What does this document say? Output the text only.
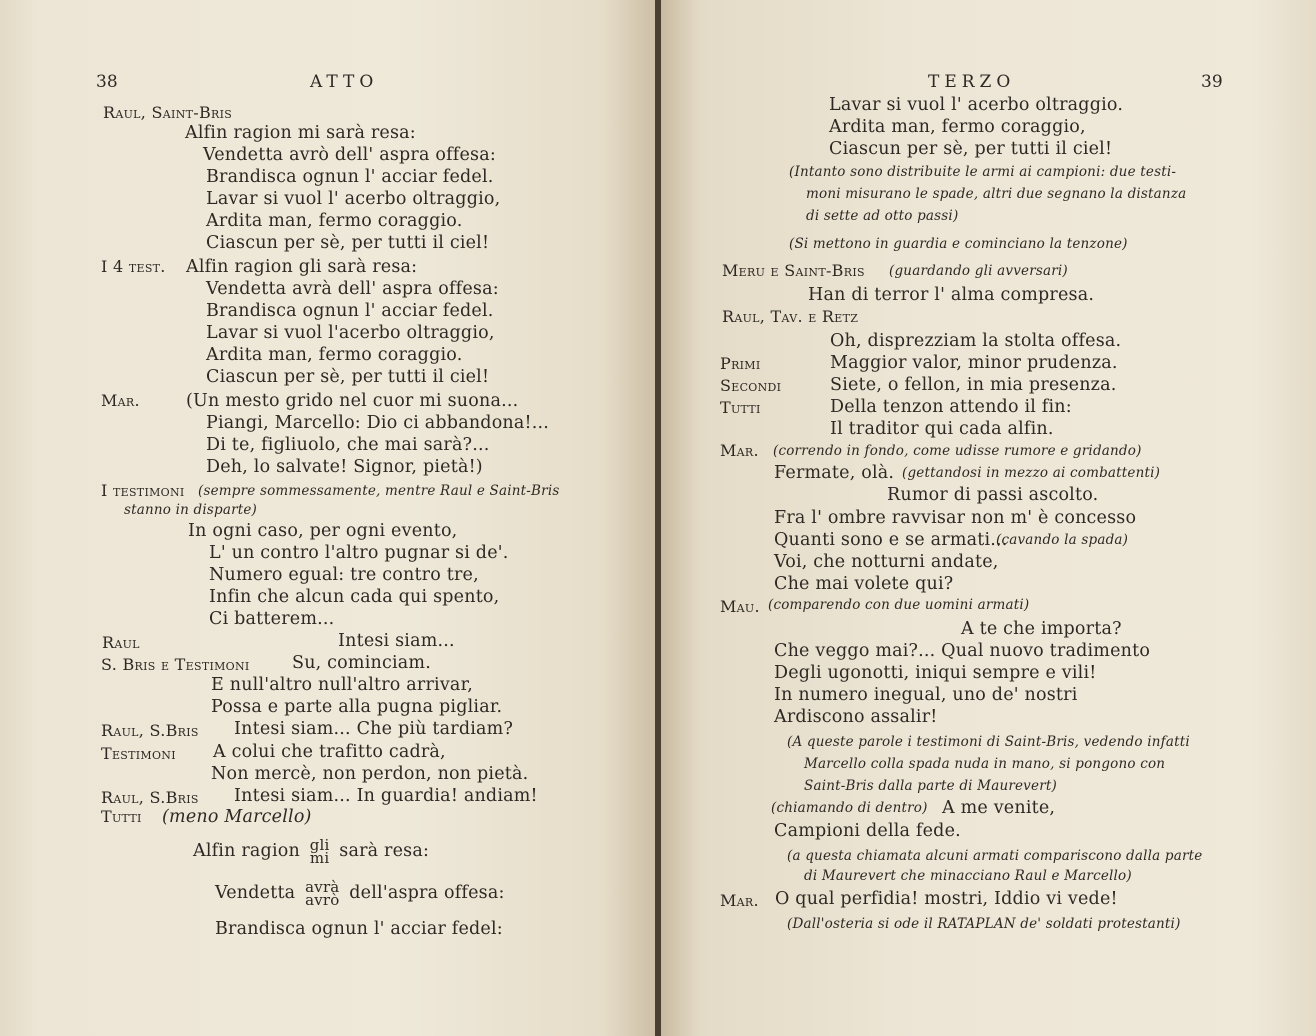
38	ATTO
Raul, Saint-Bris
Alfin ragion mi sarà resa:
Vendetta avrò dell' aspra offesa:
Brandisca ognun l' acciar fedel.
Lavar si vuol l' acerbo oltraggio,
Ardita man, fermo coraggio.
Ciascun per sè, per tutti il ciel!
I 4 test. Alfin ragion gli sarà resa:
Vendetta avrà dell' aspra offesa:
Brandisca ognun l' acciar fedel.
Lavar si vuol l'acerbo oltraggio,
Ardita man, fermo coraggio.
Ciascun per sè, per tutti il ciel!
Mar.	(Un mesto grido nel cuor mi suona...
Piangi, Marcello: Dio ci abbandona!...
Di te, figliuolo, che mai sarà?...
Deh, lo salvate! Signor, pietà!)
I testimoni (sempre sommessamente, mentre Raul e Saint-Bris
stanno in disparte)
In ogni caso, per ogni evento,
L' un contro l'altro pugnar si de'.
Numero egual: tre contro tre,
Infin che alcun cada qui spento,
Ci batterem...
Raul	Intesi siam...
S. Bris e Testimoni Su, cominciam.
E null'altro null'altro arrivar,
Possa e parte alla pugna pigliar.
Raul, S.Bris Intesi siam... Che più tardiam?
Testimoni A colui che trafitto cadrà,
Non mercè, non perdon, non pietà.
Raul, S.Bris Intesi siam... In guardia! andiam!
Tutti (meno Marcello)
Alfin ragion gli
mi sarà resa:
Vendetta avrà
avrò dell'aspra offesa:
Brandisca ognun l' acciar fedel:
TERZO	39
Lavar si vuol l' acerbo oltraggio.
Ardita man, fermo coraggio,
Ciascun per sè, per tutti il ciel!
(Intanto sono distribuite le armi ai campioni: due testi-
moni misurano le spade, altri due segnano la distanza
di sette ad otto passi)
(Si mettono in guardia e cominciano la tenzone)
Meru e Saint-Bris (guardando gli avversari)
Han di terror l' alma compresa.
Raul, Tav. e Retz
Oh, disprezziam la stolta offesa.
Primi	Maggior valor, minor prudenza.
Secondi	Siete, o fellon, in mia presenza.
Tutti	Della tenzon attendo il fin:
Il traditor qui cada alfin.
Mar. (correndo in fondo, come udisse rumore e gridando)
Fermate, olà. (gettandosi in mezzo ai combattenti)
Rumor di passi ascolto.
Fra l' ombre ravvisar non m' è concesso
Quanti sono e se armati...
(cavando la spada)
Voi, che notturni andate,
Che mai volete qui?
Mau. (comparendo con due uomini armati)
A te che importa?
Che veggo mai?... Qual nuovo tradimento
Degli ugonotti, iniqui sempre e vili!
In numero inegual, uno de' nostri
Ardiscono assalir!
(A queste parole i testimoni di Saint-Bris, vedendo infatti
Marcello colla spada nuda in mano, si pongono con
Saint-Bris dalla parte di Maurevert)
(chiamando di dentro) A me venite,
Campioni della fede.
(a questa chiamata alcuni armati compariscono dalla parte
di Maurevert che minacciano Raul e Marcello)
Mar. O qual perfidia! mostri, Iddio vi vede!
(Dall'osteria si ode il RATAPLAN de' soldati protestanti)
